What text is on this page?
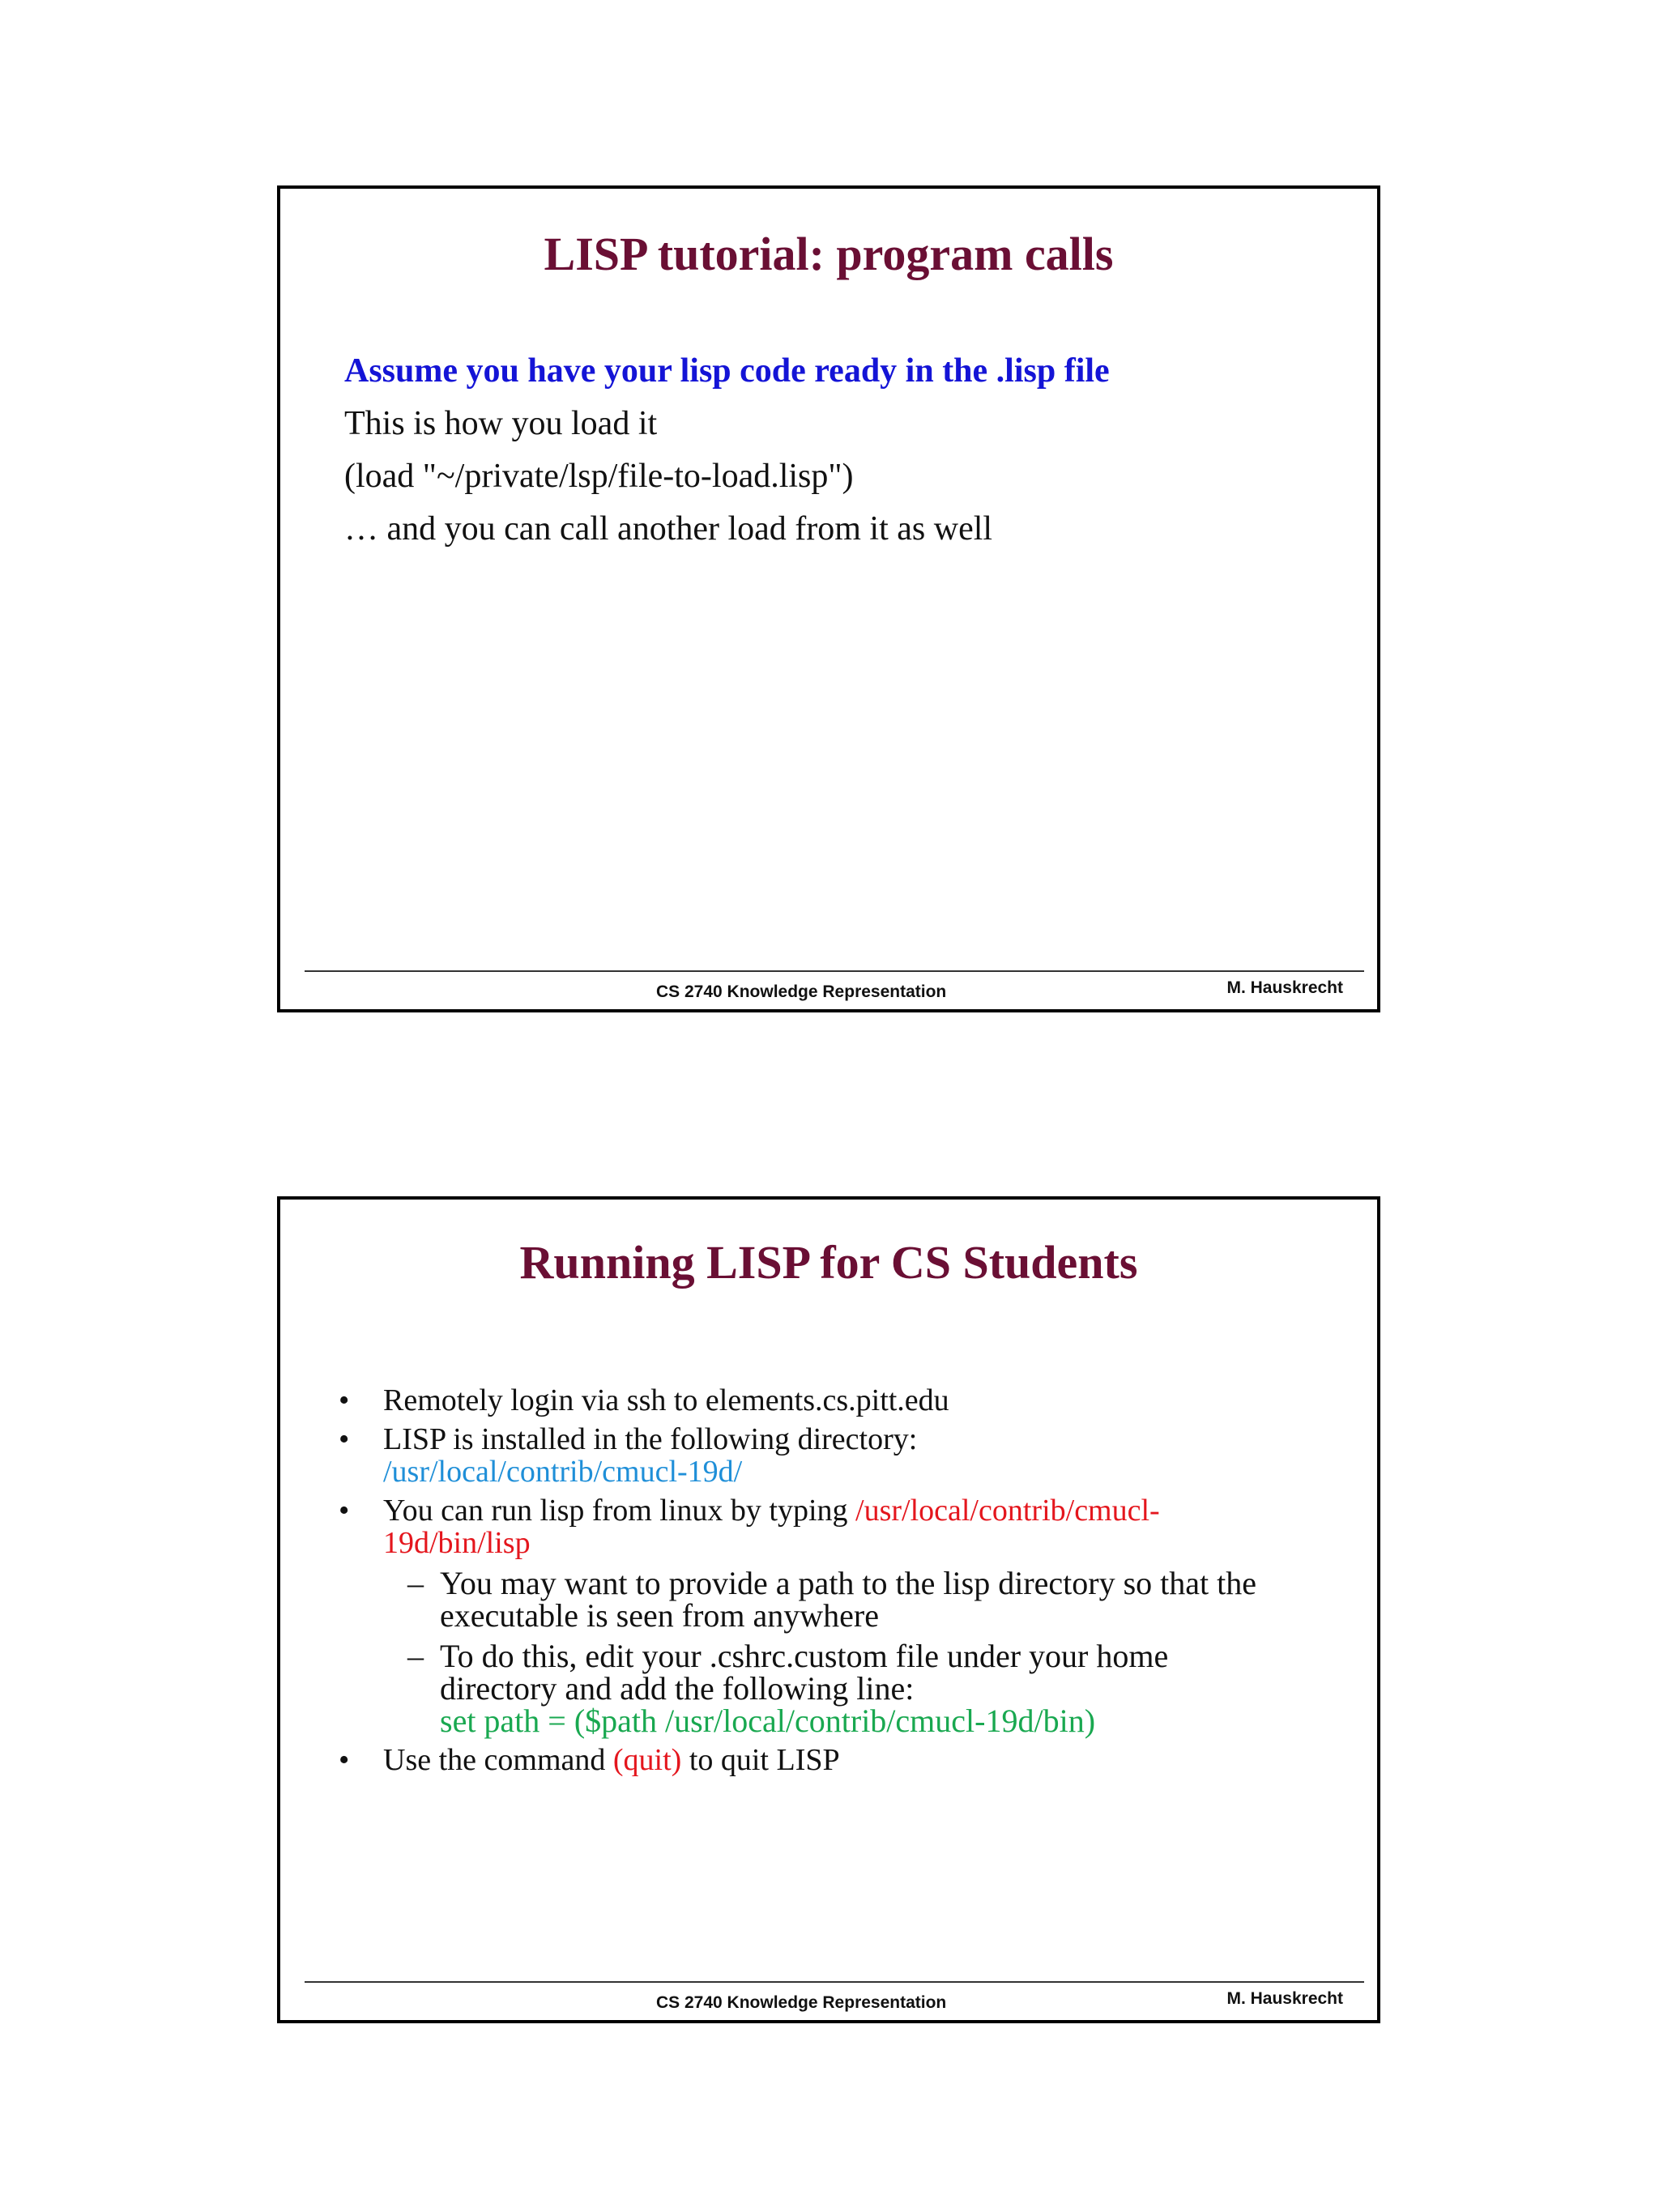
LISP tutorial: program calls
Assume you have your lisp code ready in the .lisp file
This is how you load it
(load "~/private/lsp/file-to-load.lisp")
… and you can call another load from it as well
CS 2740 Knowledge Representation	M. Hauskrecht
Running LISP for CS Students
• Remotely login via ssh to elements.cs.pitt.edu
• LISP is installed in the following directory:
/usr/local/contrib/cmucl-19d/
• You can run lisp from linux by typing /usr/local/contrib/cmucl-
19d/bin/lisp
– You may want to provide a path to the lisp directory so that the
executable is seen from anywhere
– To do this, edit your .cshrc.custom file under your home
directory and add the following line:
set path = ($path /usr/local/contrib/cmucl-19d/bin)
• Use the command (quit) to quit LISP
CS 2740 Knowledge Representation	M. Hauskrecht
